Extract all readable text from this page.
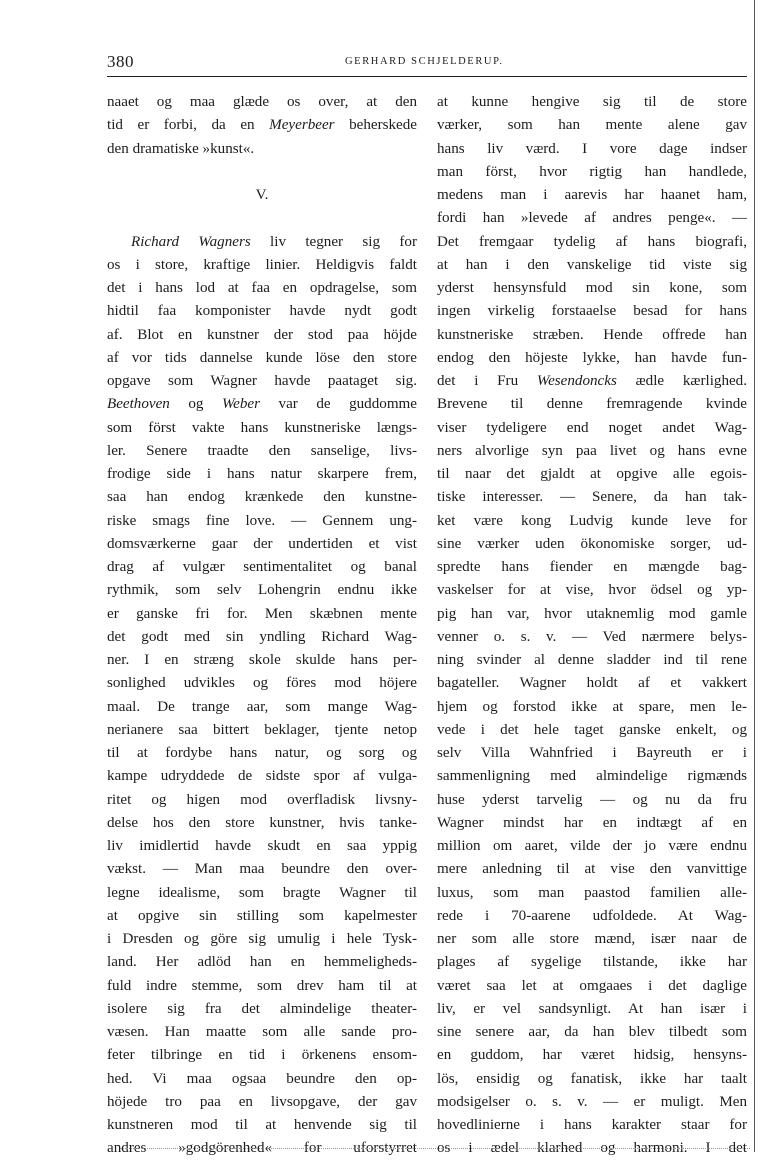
380	GERHARD SCHJELDERUP.
naaet og maa glæde os over, at den
tid er forbi, da en Meyerbeer beherskede
den dramatiske »kunst«.

V.

Richard Wagners liv tegner sig for
os i store, kraftige linier. Heldigvis faldt
det i hans lod at faa en opdragelse, som
hidtil faa komponister havde nydt godt
af. Blot en kunstner der stod paa höjde
af vor tids dannelse kunde löse den store
opgave som Wagner havde paataget sig.
Beethoven og Weber var de guddomme
som först vakte hans kunstneriske længs-
ler. Senere traadte den sanselige, livs-
frodige side i hans natur skarpere frem,
saa han endog krænkede den kunstne-
riske smags fine love. — Gennem ung-
domsværkerne gaar der undertiden et vist
drag af vulgær sentimentalitet og banal
rythmik, som selv Lohengrin endnu ikke
er ganske fri for. Men skæbnen mente
det godt med sin yndling Richard Wag-
ner. I en stræng skole skulde hans per-
sonlighed udvikles og föres mod höjere
maal. De trange aar, som mange Wag-
nerianere saa bittert beklager, tjente netop
til at fordybe hans natur, og sorg og
kampe udryddede de sidste spor af vulga-
ritet og higen mod overfladisk livsny-
delse hos den store kunstner, hvis tanke-
liv imidlertid havde skudt en saa yppig
vækst. — Man maa beundre den over-
legne idealisme, som bragte Wagner til
at opgive sin stilling som kapelmester
i Dresden og göre sig umulig i hele Tysk-
land. Her adlöd han en hemmeligheds-
fuld indre stemme, som drev ham til at
isolere sig fra det almindelige theater-
væsen. Han maatte som alle sande pro-
feter tilbringe en tid i örkenens ensom-
hed. Vi maa ogsaa beundre den op-
höjede tro paa en livsopgave, der gav
kunstneren mod til at henvende sig til
andres »godgörenhed« for uforstyrret
at kunne hengive sig til de store
værker, som han mente alene gav
hans liv værd. I vore dage indser
man först, hvor rigtig han handlede,
medens man i aarevis har haanet ham,
fordi han »levede af andres penge«. —
Det fremgaar tydelig af hans biografi,
at han i den vanskelige tid viste sig
yderst hensynsfuld mod sin kone, som
ingen virkelig forstaaelse besad for hans
kunstneriske stræben. Hende offrede han
endog den höjeste lykke, han havde fun-
det i Fru Wesendoncks ædle kærlighed.
Brevene til denne fremragende kvinde
viser tydeligere end noget andet Wag-
ners alvorlige syn paa livet og hans evne
til naar det gjaldt at opgive alle egois-
tiske interesser. — Senere, da han tak-
ket være kong Ludvig kunde leve for
sine værker uden ökonomiske sorger, ud-
spredte hans fiender en mængde bag-
vaskelser for at vise, hvor ödsel og yp-
pig han var, hvor utaknemlig mod gamle
venner o. s. v. — Ved nærmere belys-
ning svinder al denne sladder ind til rene
bagateller. Wagner holdt af et vakkert
hjem og forstod ikke at spare, men le-
vede i det hele taget ganske enkelt, og
selv Villa Wahnfried i Bayreuth er i
sammenligning med almindelige rigmænds
huse yderst tarvelig — og nu da fru
Wagner mindst har en indtægt af en
million om aaret, vilde der jo være endnu
mere anledning til at vise den vanvittige
luxus, som man paastod familien alle-
rede i 70-aarene udfoldede. At Wag-
ner som alle store mænd, især naar de
plages af sygelige tilstande, ikke har
været saa let at omgaaes i det daglige
liv, er vel sandsynligt. At han især i
sine senere aar, da han blev tilbedt som
en guddom, har været hidsig, hensyns-
lös, ensidig og fanatisk, ikke har taalt
modsigelser o. s. v. — er muligt. Men
hovedlinierne i hans karakter staar for
os i ædel klarhed og harmoni. I det
